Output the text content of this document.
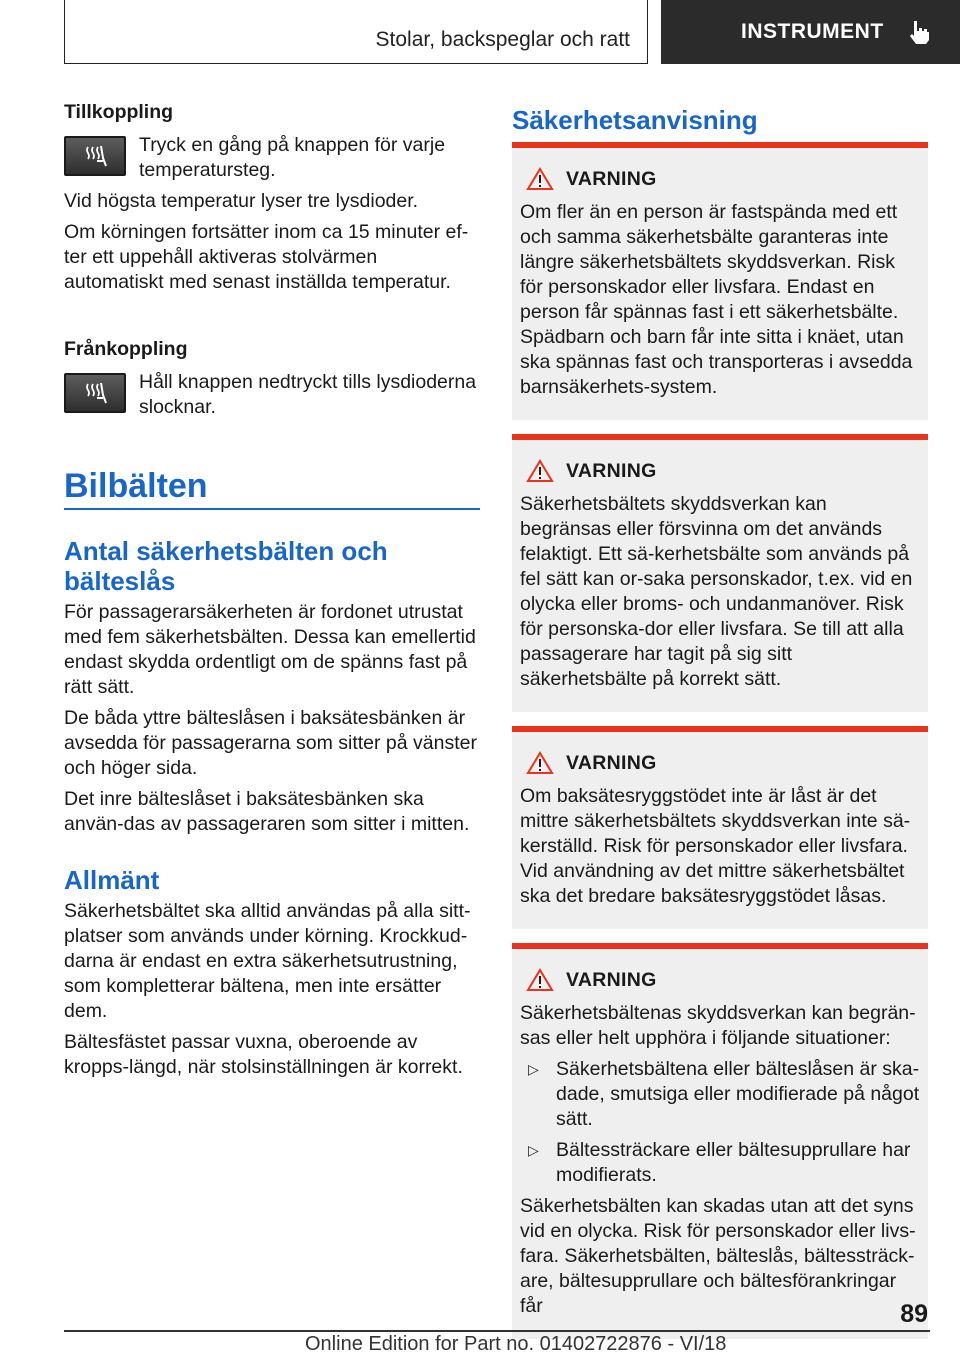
Stolar, backspeglar och ratt	INSTRUMENT
Tillkoppling

Tryck en gång på knappen för varje temperatursteg.

Vid högsta temperatur lyser tre lysdioder.

Om körningen fortsätter inom ca 15 minuter ef-ter ett uppehåll aktiveras stolvärmen automatiskt med senast inställda temperatur.

Frånkoppling

Håll knappen nedtryckt tills lysdioderna slocknar.

Bilbälten
Antal säkerhetsbälten och bälteslås

För passagerarsäkerheten är fordonet utrustat med fem säkerhetsbälten. Dessa kan emellertid endast skydda ordentligt om de spänns fast på rätt sätt.

De båda yttre bälteslåsen i baksätesbänken är avsedda för passagerarna som sitter på vänster och höger sida.

Det inre bälteslåset i baksätesbänken ska använ-das av passageraren som sitter i mitten.

Allmänt

Säkerhetsbältet ska alltid användas på alla sitt-platser som används under körning. Krockkud-darna är endast en extra säkerhetsutrustning, som kompletterar bältena, men inte ersätter dem.

Bältesfästet passar vuxna, oberoende av kropps-längd, när stolsinställningen är korrekt.

Säkerhetsanvisning
VARNING

Om fler än en person är fastspända med ett och samma säkerhetsbälte garanteras inte längre säkerhetsbältets skyddsverkan. Risk för personskador eller livsfara. Endast en person får spännas fast i ett säkerhetsbälte. Spädbarn och barn får inte sitta i knäet, utan ska spännas fast och transporteras i avsedda barnsäkerhets-system.

VARNING

Säkerhetsbältets skyddsverkan kan begränsas eller försvinna om det används felaktigt. Ett sä-kerhetsbälte som används på fel sätt kan or-saka personskador, t.ex. vid en olycka eller broms- och undanmanöver. Risk för personska-dor eller livsfara. Se till att alla passagerare har tagit på sig sitt säkerhetsbälte på korrekt sätt.

VARNING

Om baksätesryggstödet inte är låst är det mittre säkerhetsbältets skyddsverkan inte sä-kerställd. Risk för personskador eller livsfara. Vid användning av det mittre säkerhetsbältet ska det bredare baksätesryggstödet låsas.

VARNING

Säkerhetsbältenas skyddsverkan kan begrän-sas eller helt upphöra i följande situationer:

▷ Säkerhetsbältena eller bälteslåsen är ska-dade, smutsiga eller modifierade på något sätt.
▷ Bältessträckare eller bältesupprullare har modifierats.

Säkerhetsbälten kan skadas utan att det syns vid en olycka. Risk för personskador eller livs-fara. Säkerhetsbälten, bälteslås, bältessträck-are, bältesupprullare och bältesförankringar får	89
Online Edition for Part no. 01402722876 - VI/18
